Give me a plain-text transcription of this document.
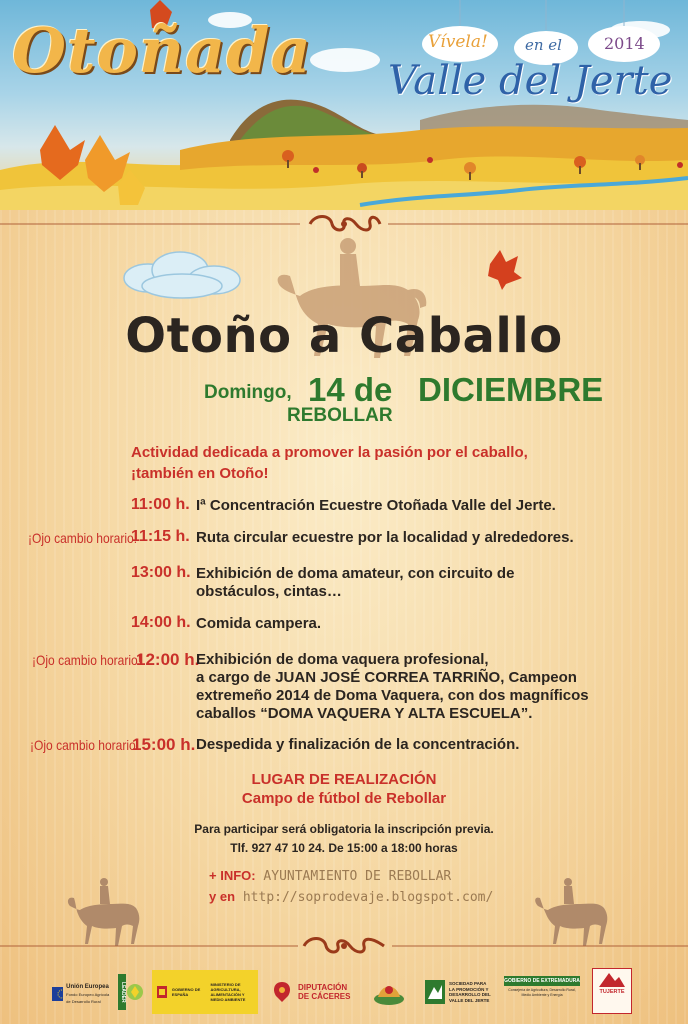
Otoñada	Vívela! en el	2014
Valle del Jerte
Otoño a Caballo
Domingo, 14 de DICIEMBRE
REBOLLAR

Actividad dedicada a promover la pasión por el caballo,

¡también en Otoño!

11:00 h. Iª Concentración Ecuestre Otoñada Valle del Jerte.

¡Ojo cambio horario!
11:15 h. Ruta circular ecuestre por la localidad y alrededores.

13:00 h. Exhibición de doma amateur, con circuito de

obstáculos, cintas…

14:00 h. Comida campera.

¡Ojo cambio horario!
12:00 h.

Exhibición de doma vaquera profesional,

a cargo de JUAN JOSÉ CORREA TARRIÑO, Campeon

extremeño 2014 de Doma Vaquera, con dos magníficos

caballos “DOMA VAQUERA Y ALTA ESCUELA”.

¡Ojo cambio horario!
15:00 h. Despedida y finalización de la concentración.

LUGAR DE REALIZACIÓN

Campo de fútbol de Rebollar

Para participar será obligatoria la inscripción previa.

Tlf. 927 47 10 24. De 15:00 a 18:00 horas

+ INFO: AYUNTAMIENTO DE REBOLLAR
y en http://soprodevaje.blogspot.com/
Unión Europea
Fondo Europeo Agrícola de Desarrollo Rural	LEADER	GOBIERNO DE ESPAÑA
MINISTERIO DE AGRICULTURA, ALIMENTACIÓN Y MEDIO AMBIENTE
DIPUTACIÓN
DE CÁCERES
SOCIEDAD PARA
LA PROMOCIÓN Y
DESARROLLO DEL
VALLE DEL JERTE
GOBIERNO DE EXTREMADURA
Consejería de Agricultura, Desarrollo Rural, Medio Ambiente y Energía	TUJERTE
